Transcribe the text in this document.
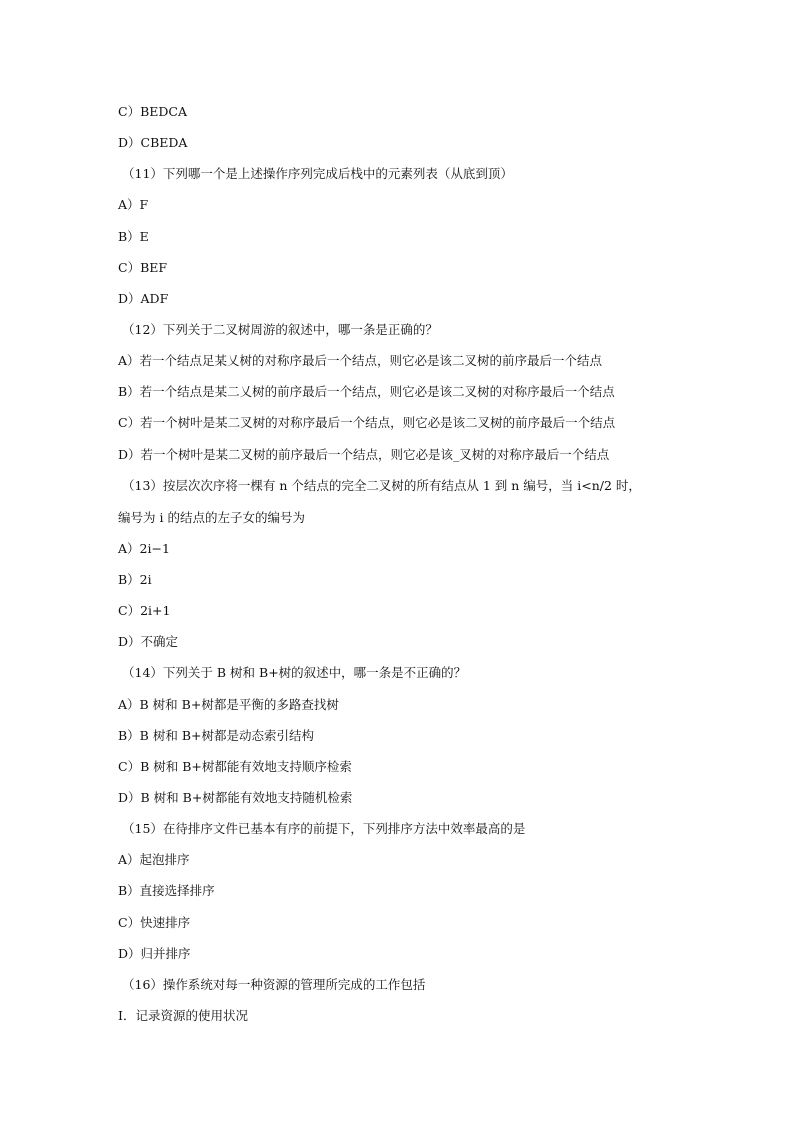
C）BEDCA
D）CBEDA
（11）下列哪一个是上述操作序列完成后栈中的元素列表（从底到顶）
A）F
B）E
C）BEF
D）ADF
（12）下列关于二叉树周游的叙述中，哪一条是正确的？
A）若一个结点足某乂树的对称序最后一个结点，则它必是该二叉树的前序最后一个结点
B）若一个结点是某二乂树的前序最后一个结点，则它必是该二叉树的对称序最后一个结点
C）若一个树叶是某二叉树的对称序最后一个结点，则它必是该二叉树的前序最后一个结点
D）若一个树叶是某二叉树的前序最后一个结点，则它必是该_叉树的对称序最后一个结点
（13）按层次次序将一棵有 n 个结点的完全二叉树的所有结点从 1 到 n 编号，当 i<n/2 时，
编号为 i 的结点的左子女的编号为
A）2i−1
B）2i
C）2i+1
D）不确定
（14）下列关于 B 树和 B+树的叙述中，哪一条是不正确的？
A）B 树和 B+树都是平衡的多路查找树
B）B 树和 B+树都是动态索引结构
C）B 树和 B+树都能有效地支持顺序检索
D）B 树和 B+树都能有效地支持随机检索
（15）在待排序文件已基本有序的前提下，下列排序方法中效率最高的是
A）起泡排序
B）直接选择排序
C）快速排序
D）归并排序
（16）操作系统对每一种资源的管理所完成的工作包括
I．记录资源的使用状况
